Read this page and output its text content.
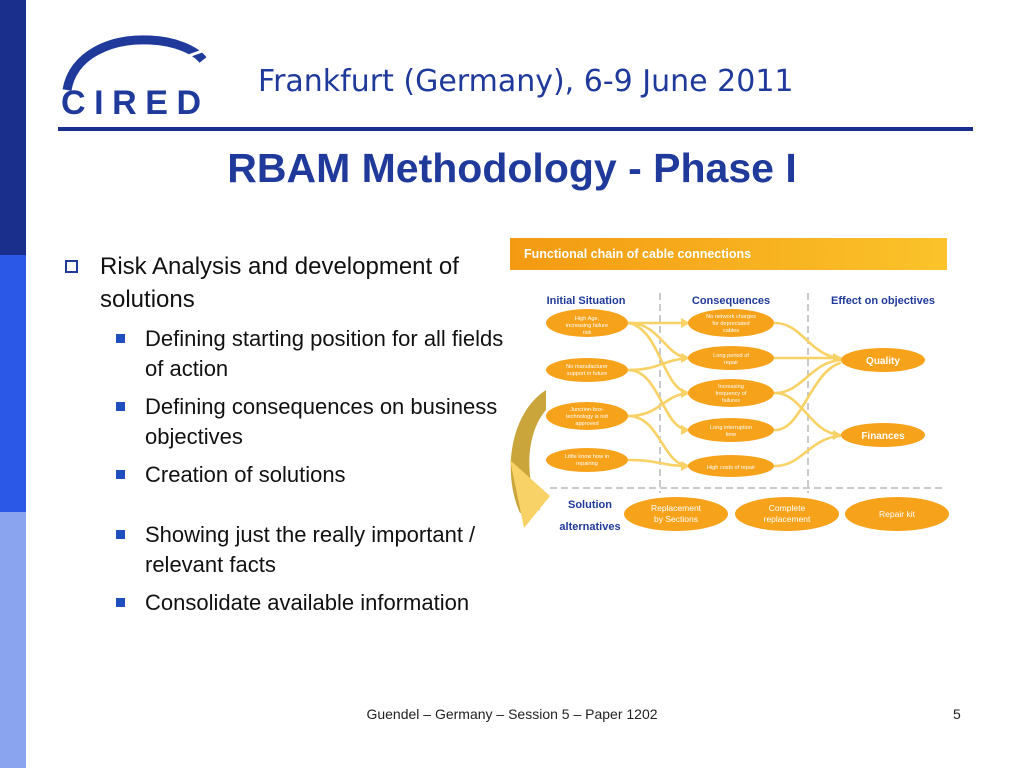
CIRED
Frankfurt (Germany), 6-9 June 2011
RBAM Methodology - Phase I
Risk Analysis and development of solutions
Defining starting position for all fields of action
Defining consequences on business objectives
Creation of solutions
Showing just the really important / relevant facts
Consolidate available information
Functional chain of cable connections
Initial Situation	Consequences	Effect on objectives
High Age,
increasing failure
risk
No manufacturer
support in future
Junction-box-
technology is not
approved
Little know how in
repairing
No network charges
for depreciated
cables
Long period of
repair
Increasing
frequency of
failures
Long interruption
time
High costs of repair
Quality
Finances
Solution
alternatives
Replacement
by Sections
Complete
replacement	Repair kit
Guendel – Germany – Session 5 – Paper 1202	5
